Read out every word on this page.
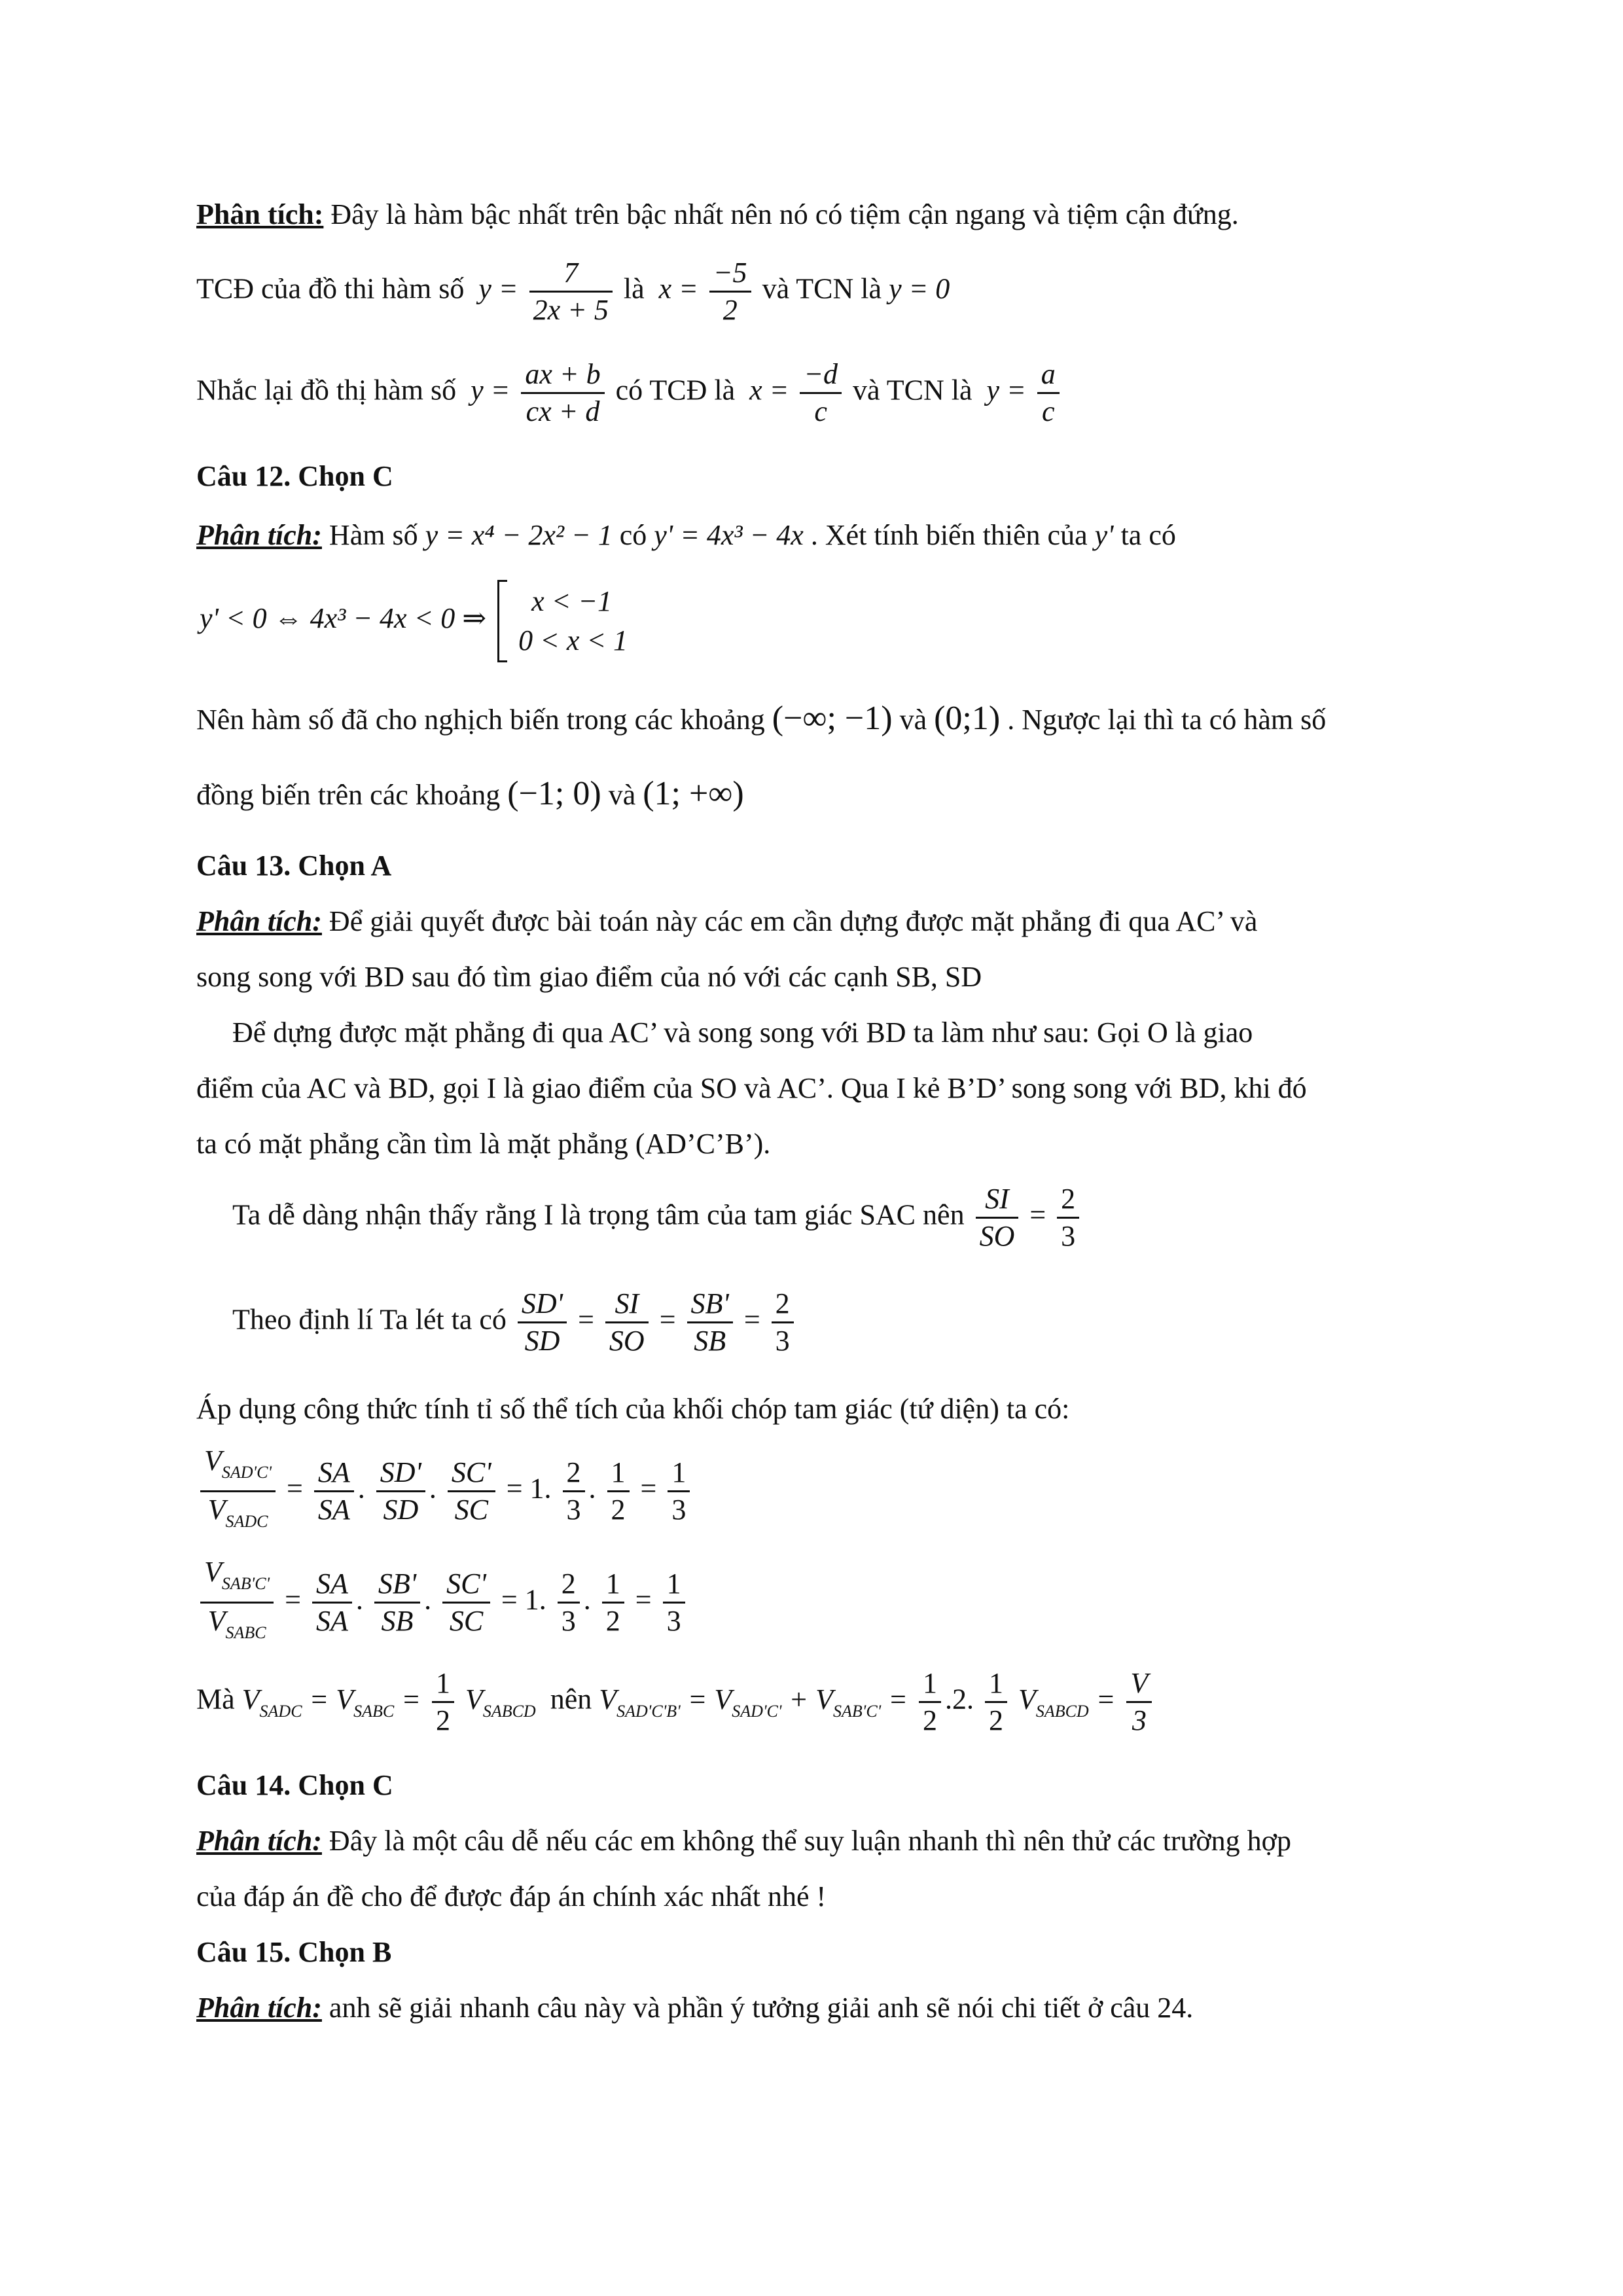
Phân tích: Đây là hàm bậc nhất trên bậc nhất nên nó có tiệm cận ngang và tiệm cận đứng.
TCĐ của đồ thi hàm số  $y = \frac{7}{2x + 5}$ là  $x = \frac{-5}{2}$ và TCN là y = 0
Nhắc lại đồ thị hàm số  $y = \frac{ax + b}{cx + d}$ có TCĐ là  $x = \frac{-d}{c}$ và TCN là  $y = \frac{a}{c}$
Câu 12. Chọn C
Phân tích: Hàm số y = x⁴ − 2x² − 1 có y' = 4x³ − 4x . Xét tính biến thiên của y' ta có
y' < 0 ⇔ 4x³ − 4x < 0 ⇒
x < −1
0 < x < 1
Nên hàm số đã cho nghịch biến trong các khoảng (−∞; −1) và (0;1) . Ngược lại thì ta có hàm số
đồng biến trên các khoảng (−1; 0) và (1; +∞)
Câu 13. Chọn A
Phân tích: Để giải quyết được bài toán này các em cần dựng được mặt phẳng đi qua AC’ và
song song với BD sau đó tìm giao điểm của nó với các cạnh SB, SD
Để dựng được mặt phẳng đi qua AC’ và song song với BD ta làm như sau: Gọi O là giao
điểm của AC và BD, gọi I là giao điểm của SO và AC’. Qua I kẻ B’D’ song song với BD, khi đó
ta có mặt phẳng cần tìm là mặt phẳng (AD’C’B’).
Ta dễ dàng nhận thấy rằng I là trọng tâm của tam giác SAC nên $\frac{SI}{SO} = \frac{2}{3}$
Theo định lí Ta lét ta có $\frac{SD'}{SD} = \frac{SI}{SO} = \frac{SB'}{SB} = \frac{2}{3}$
Áp dụng công thức tính tỉ số thể tích của khối chóp tam giác (tứ diện) ta có:
$\frac{V_{SAD'C'}}{V_{SADC}} = \frac{SA}{SA}$ . $\frac{SD'}{SD}$ . $\frac{SC'}{SC} = 1$. $\frac{2}{3}$ . $\frac{1}{2} = \frac{1}{3}$
$\frac{V_{SAB'C'}}{V_{SABC}} = \frac{SA}{SA}$ . $\frac{SB'}{SB}$ . $\frac{SC'}{SC} = 1$. $\frac{2}{3}$ . $\frac{1}{2} = \frac{1}{3}$
Mà $V_{SADC} = V_{SABC} = \frac{1}{2} V_{SABCD}$ nên $V_{SAD'C'B'} = V_{SAD'C'} + V_{SAB'C'} = \frac{1}{2} .2$. $\frac{1}{2} V_{SABCD} = \frac{V}{3}$
Câu 14. Chọn C
Phân tích: Đây là một câu dễ nếu các em không thể suy luận nhanh thì nên thử các trường hợp
của đáp án đề cho để được đáp án chính xác nhất nhé !
Câu 15. Chọn B
Phân tích: anh sẽ giải nhanh câu này và phần ý tưởng giải anh sẽ nói chi tiết ở câu 24.
